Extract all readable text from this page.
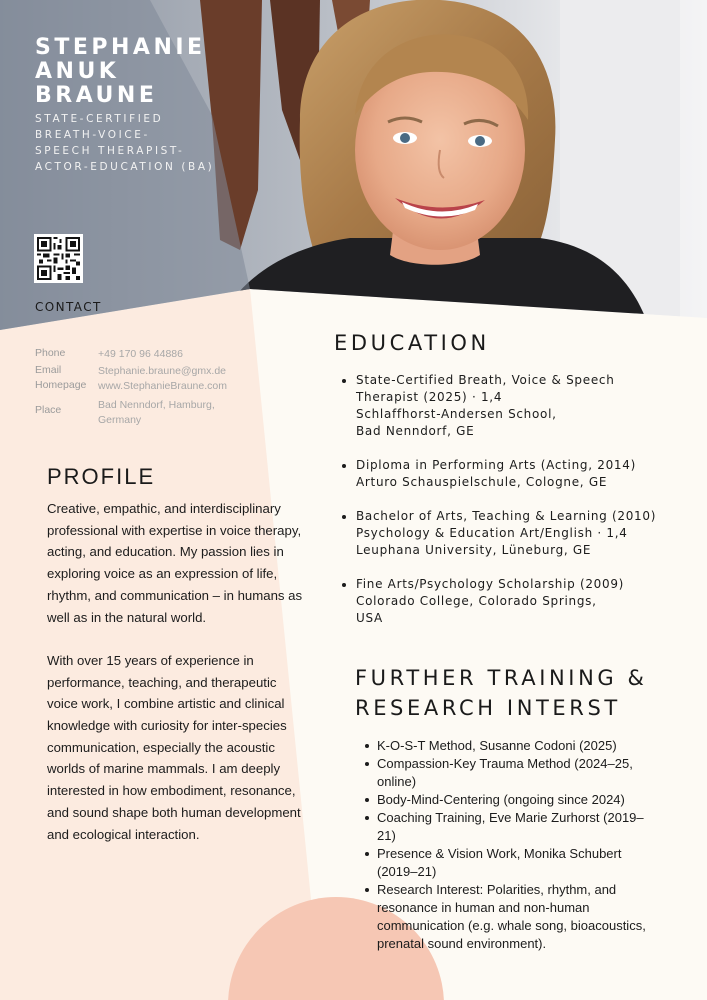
STEPHANIE
ANUK
BRAUNE
STATE-CERTIFIED
BREATH-VOICE-
SPEECH THERAPIST-
ACTOR-EDUCATION (BA)
CONTACT
Phone	+49 170 96 44886
Email	Stephanie.braune@gmx.de
Homepage www.StephanieBraune.com
Place	Bad Nenndorf, Hamburg,
Germany
PROFILE

Creative, empathic, and interdisciplinary professional with expertise in voice therapy, acting, and education. My passion lies in exploring voice as an expression of life, rhythm, and communication – in humans as well as in the natural world.

With over 15 years of experience in performance, teaching, and therapeutic voice work, I combine artistic and clinical knowledge with curiosity for inter-species communication, especially the acoustic worlds of marine mammals. I am deeply interested in how embodiment, resonance, and sound shape both human development and ecological interaction.

EDUCATION
State-Certified Breath, Voice & Speech
Therapist (2025) · 1,4
Schlaffhorst-Andersen School,
Bad Nenndorf, GE
Diploma in Performing Arts (Acting, 2014)
Arturo Schauspielschule, Cologne, GE
Bachelor of Arts, Teaching & Learning (2010)
Psychology & Education Art/English · 1,4
Leuphana University, Lüneburg, GE
Fine Arts/Psychology Scholarship (2009)
Colorado College, Colorado Springs,
USA
FURTHER TRAINING &
RESEARCH INTERST
K-O-S-T Method, Susanne Codoni (2025)
Compassion-Key Trauma Method (2024–25, online)
Body-Mind-Centering (ongoing since 2024)
Coaching Training, Eve Marie Zurhorst (2019–21)
Presence & Vision Work, Monika Schubert (2019–21)
Research Interest: Polarities, rhythm, and resonance in human and non-human communication (e.g. whale song, bioacoustics, prenatal sound environment).
